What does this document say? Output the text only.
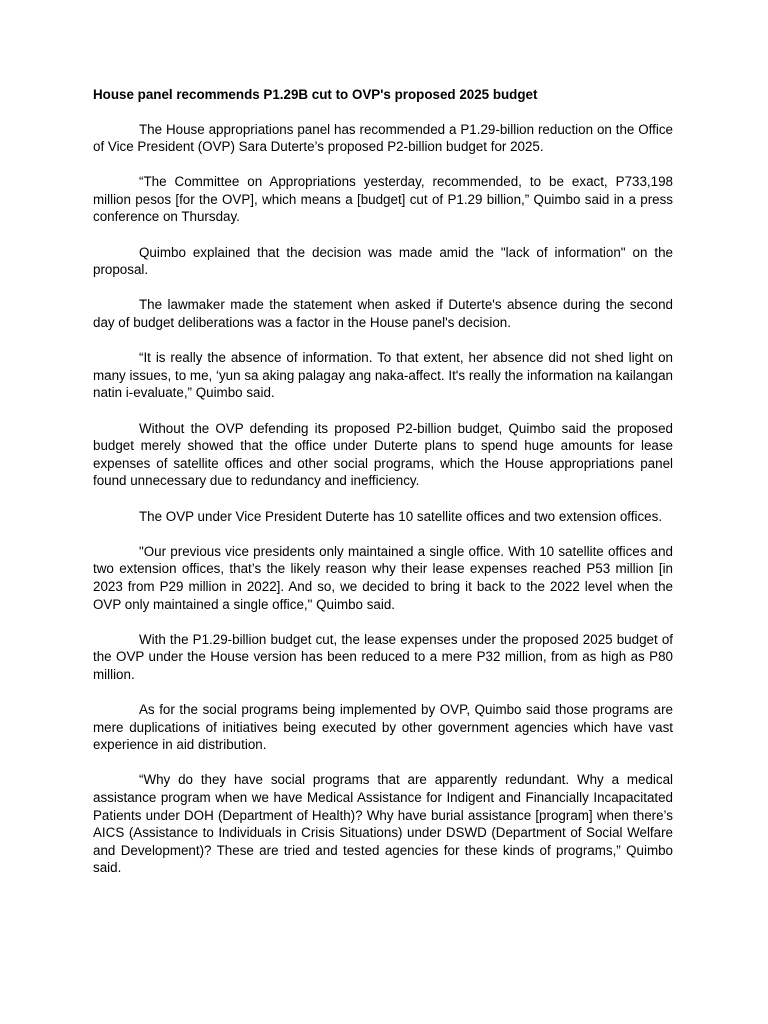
House panel recommends P1.29B cut to OVP's proposed 2025 budget

The House appropriations panel has recommended a P1.29-billion reduction on the Office of Vice President (OVP) Sara Duterte’s proposed P2-billion budget for 2025.

“The Committee on Appropriations yesterday, recommended, to be exact, P733,198 million pesos [for the OVP], which means a [budget] cut of P1.29 billion,” Quimbo said in a press conference on Thursday.

Quimbo explained that the decision was made amid the "lack of information" on the proposal.

The lawmaker made the statement when asked if Duterte's absence during the second day of budget deliberations was a factor in the House panel's decision.

“It is really the absence of information. To that extent, her absence did not shed light on many issues, to me, ‘yun sa aking palagay ang naka-affect. It's really the information na kailangan natin i-evaluate,” Quimbo said.

Without the OVP defending its proposed P2-billion budget, Quimbo said the proposed budget merely showed that the office under Duterte plans to spend huge amounts for lease expenses of satellite offices and other social programs, which the House appropriations panel found unnecessary due to redundancy and inefficiency.

The OVP under Vice President Duterte has 10 satellite offices and two extension offices.

"Our previous vice presidents only maintained a single office. With 10 satellite offices and two extension offices, that’s the likely reason why their lease expenses reached P53 million [in 2023 from P29 million in 2022]. And so, we decided to bring it back to the 2022 level when the OVP only maintained a single office," Quimbo said.

With the P1.29-billion budget cut, the lease expenses under the proposed 2025 budget of the OVP under the House version has been reduced to a mere P32 million, from as high as P80 million.

As for the social programs being implemented by OVP, Quimbo said those programs are mere duplications of initiatives being executed by other government agencies which have vast experience in aid distribution.

“Why do they have social programs that are apparently redundant. Why a medical assistance program when we have Medical Assistance for Indigent and Financially Incapacitated Patients under DOH (Department of Health)? Why have burial assistance [program] when there’s AICS (Assistance to Individuals in Crisis Situations) under DSWD (Department of Social Welfare and Development)? These are tried and tested agencies for these kinds of programs,” Quimbo said.
